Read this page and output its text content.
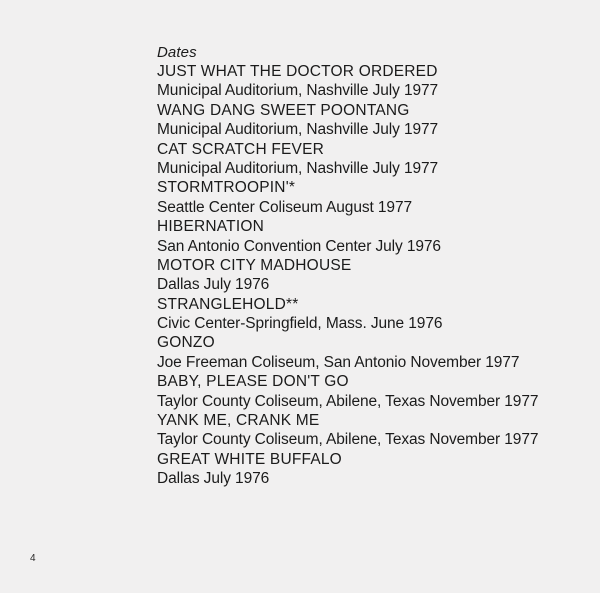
Dates
JUST WHAT THE DOCTOR ORDERED
Municipal Auditorium, Nashville July 1977
WANG DANG SWEET POONTANG
Municipal Auditorium, Nashville July 1977
CAT SCRATCH FEVER
Municipal Auditorium, Nashville July 1977
STORMTROOPIN'*
Seattle Center Coliseum August 1977
HIBERNATION
San Antonio Convention Center July 1976
MOTOR CITY MADHOUSE
Dallas July 1976
STRANGLEHOLD**
Civic Center-Springfield, Mass. June 1976
GONZO
Joe Freeman Coliseum, San Antonio November 1977
BABY, PLEASE DON'T GO
Taylor County Coliseum, Abilene, Texas November 1977
YANK ME, CRANK ME
Taylor County Coliseum, Abilene, Texas November 1977
GREAT WHITE BUFFALO
Dallas July 1976
4
